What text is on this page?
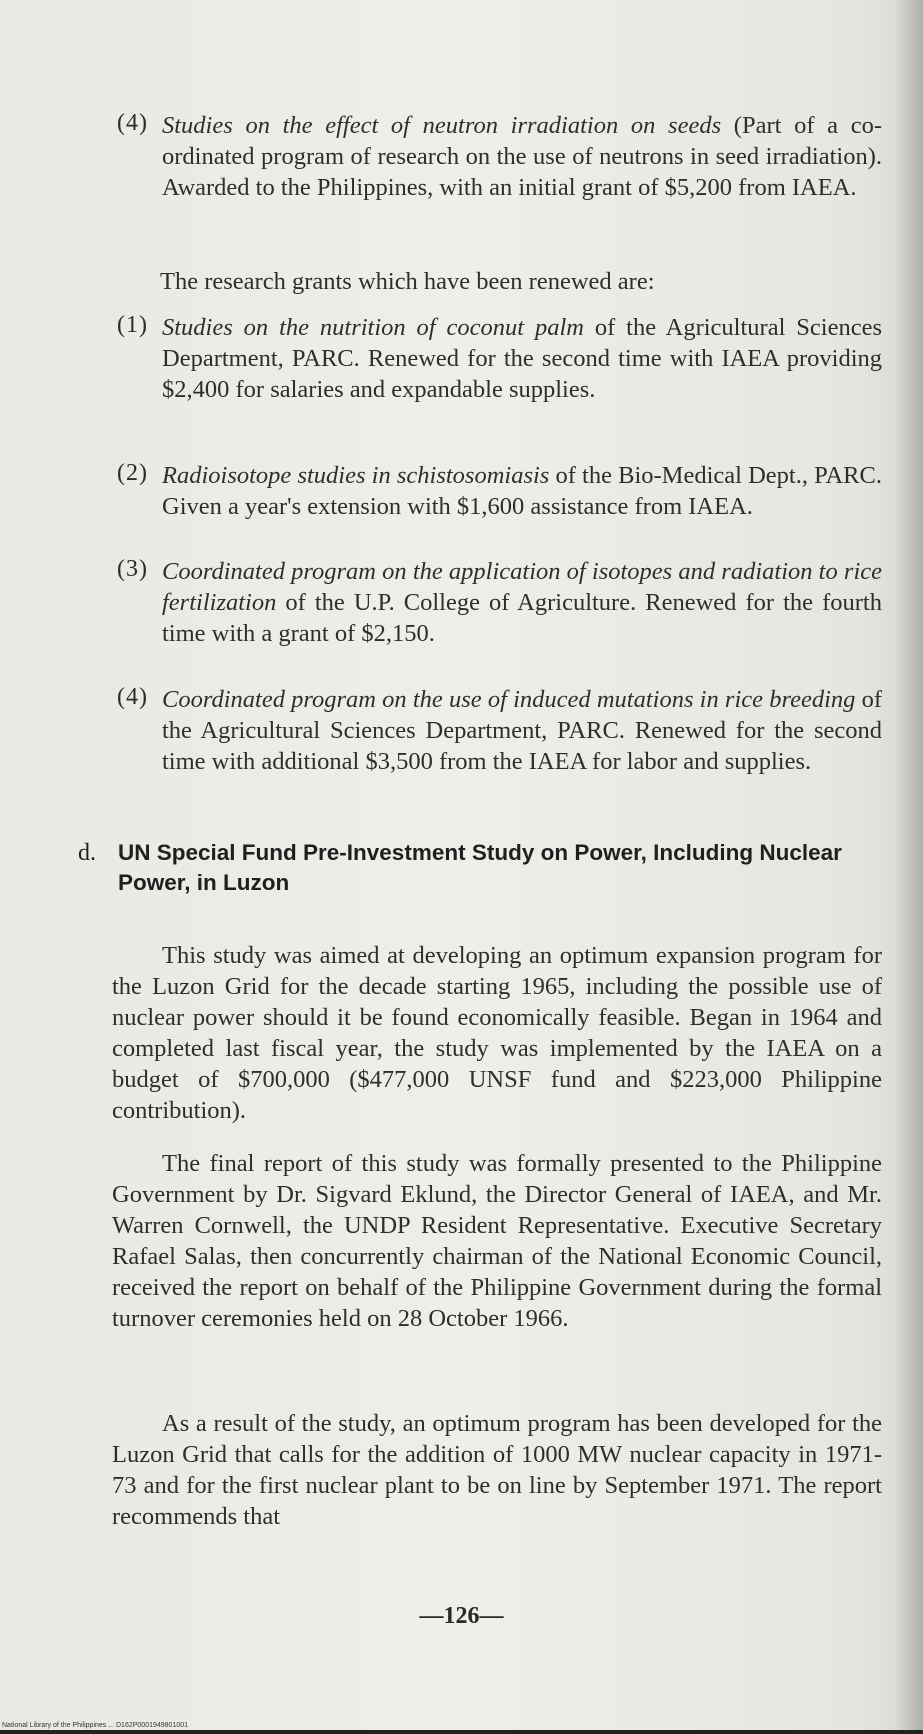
(4) Studies on the effect of neutron irradiation on seeds (Part of a co-ordinated program of research on the use of neutrons in seed irradiation). Awarded to the Philippines, with an initial grant of $5,200 from IAEA.

The research grants which have been renewed are:

(1) Studies on the nutrition of coconut palm of the Agricultural Sciences Department, PARC. Renewed for the second time with IAEA providing $2,400 for salaries and expandable supplies.

(2) Radioisotope studies in schistosomiasis of the Bio-Medical Dept., PARC. Given a year's extension with $1,600 assistance from IAEA.

(3) Coordinated program on the application of isotopes and radiation to rice fertilization of the U.P. College of Agriculture. Renewed for the fourth time with a grant of $2,150.

(4) Coordinated program on the use of induced mutations in rice breeding of the Agricultural Sciences Department, PARC. Renewed for the second time with additional $3,500 from the IAEA for labor and supplies.

d. UN Special Fund Pre-Investment Study on Power, Including Nuclear Power, in Luzon

This study was aimed at developing an optimum expansion program for the Luzon Grid for the decade starting 1965, including the possible use of nuclear power should it be found economically feasible. Began in 1964 and completed last fiscal year, the study was implemented by the IAEA on a budget of $700,000 ($477,000 UNSF fund and $223,000 Philippine contribution).

The final report of this study was formally presented to the Philippine Government by Dr. Sigvard Eklund, the Director General of IAEA, and Mr. Warren Cornwell, the UNDP Resident Representative. Executive Secretary Rafael Salas, then concurrently chairman of the National Economic Council, received the report on behalf of the Philippine Government during the formal turnover ceremonies held on 28 October 1966.

As a result of the study, an optimum program has been developed for the Luzon Grid that calls for the addition of 1000 MW nuclear capacity in 1971-73 and for the first nuclear plant to be on line by September 1971. The report recommends that

—126—
National Library of the Philippines ... D162P0001949801001
